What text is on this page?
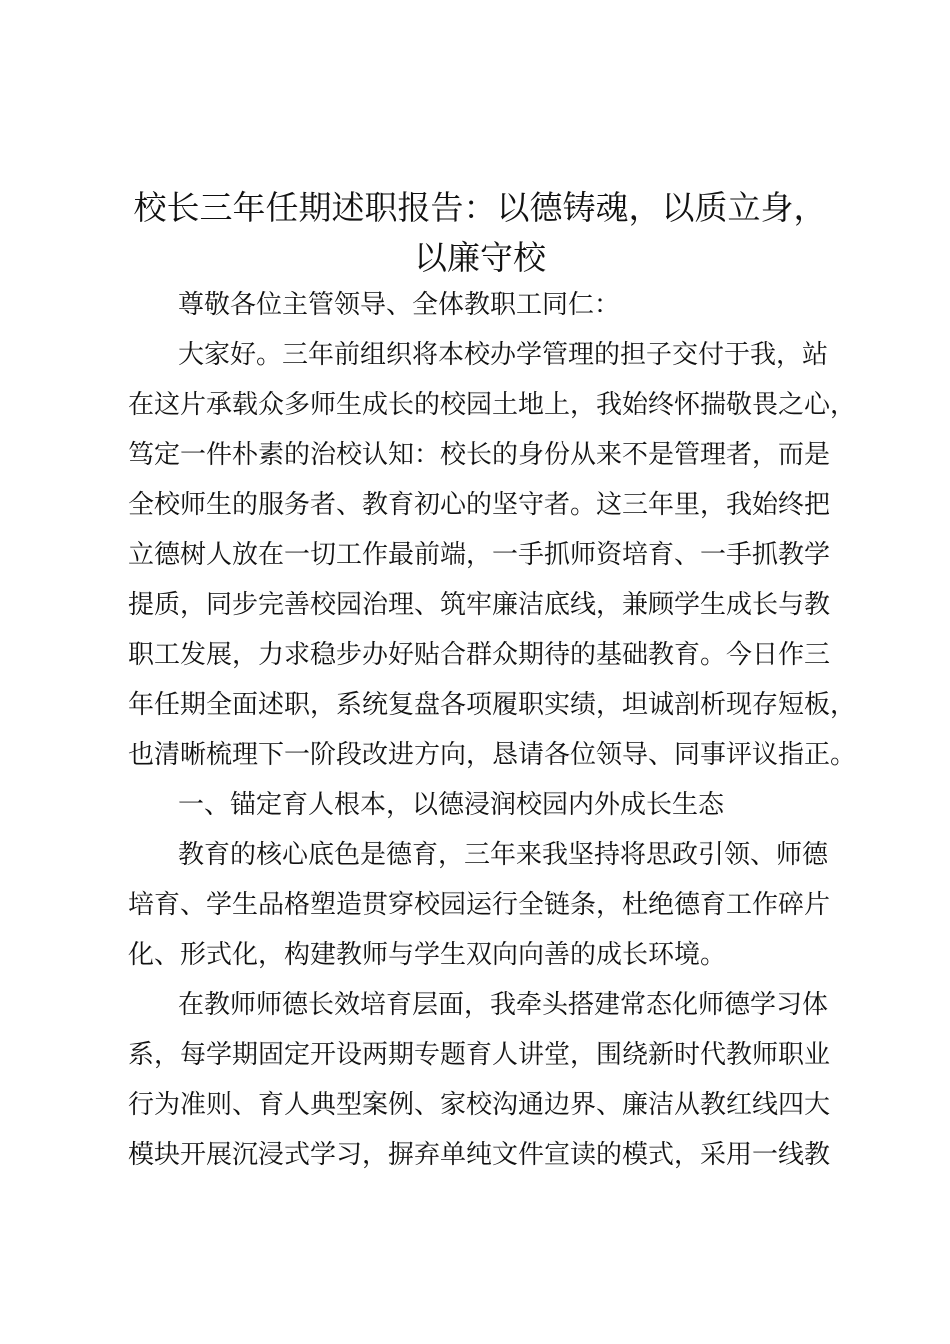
校长三年任期述职报告：以德铸魂，以质立身，
以廉守校

尊敬各位主管领导、全体教职工同仁：

大家好。三年前组织将本校办学管理的担子交付于我，站

在这片承载众多师生成长的校园土地上，我始终怀揣敬畏之心，

笃定一件朴素的治校认知：校长的身份从来不是管理者，而是

全校师生的服务者、教育初心的坚守者。这三年里，我始终把

立德树人放在一切工作最前端，一手抓师资培育、一手抓教学

提质，同步完善校园治理、筑牢廉洁底线，兼顾学生成长与教

职工发展，力求稳步办好贴合群众期待的基础教育。今日作三

年任期全面述职，系统复盘各项履职实绩，坦诚剖析现存短板，

也清晰梳理下一阶段改进方向，恳请各位领导、同事评议指正。

一、锚定育人根本，以德浸润校园内外成长生态

教育的核心底色是德育，三年来我坚持将思政引领、师德

培育、学生品格塑造贯穿校园运行全链条，杜绝德育工作碎片

化、形式化，构建教师与学生双向向善的成长环境。

在教师师德长效培育层面，我牵头搭建常态化师德学习体

系，每学期固定开设两期专题育人讲堂，围绕新时代教师职业

行为准则、育人典型案例、家校沟通边界、廉洁从教红线四大

模块开展沉浸式学习，摒弃单纯文件宣读的模式，采用一线教
